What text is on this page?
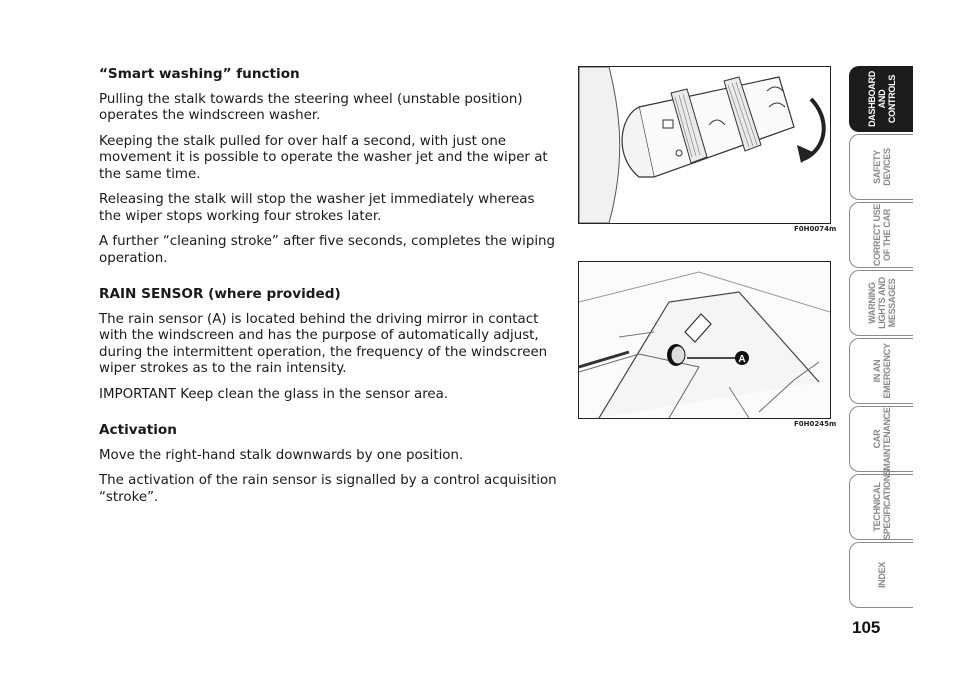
“Smart washing” function

Pulling the stalk towards the steering wheel (unstable position) operates the windscreen washer.

Keeping the stalk pulled for over half a second, with just one movement it is possible to operate the washer jet and the wiper at the same time.

Releasing the stalk will stop the washer jet immediately whereas the wiper stops working four strokes later.

A further “cleaning stroke” after five seconds, completes the wiping operation.

RAIN SENSOR (where provided)

The rain sensor (A) is located behind the driving mirror in contact with the windscreen and has the purpose of automatically adjust, during the intermittent operation, the frequency of the windscreen wiper strokes as to the rain intensity.

IMPORTANT Keep clean the glass in the sensor area.

Activation

Move the right-hand stalk downwards by one position.

The activation of the rain sensor is signalled by a control acquisition “stroke”.

F0H0074m
A
F0H0245m
DASHBOARD
AND CONTROLS
SAFETY
DEVICES
CORRECT USE
OF THE CAR
WARNING
LIGHTS AND
MESSAGES
IN AN
EMERGENCY
CAR
MAINTENANCE
TECHNICAL
SPECIFICATIONS
INDEX
105
